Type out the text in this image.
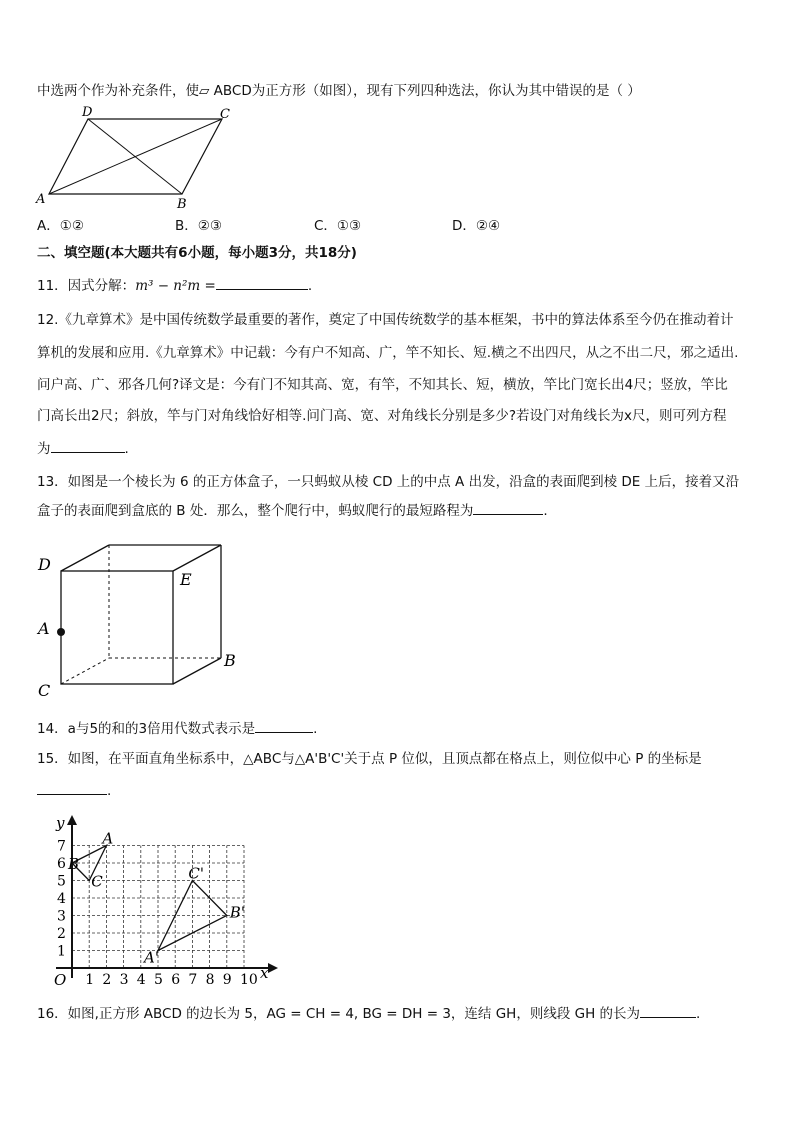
中选两个作为补充条件，使▱ ABCD为正方形（如图），现有下列四种选法，你认为其中错误的是（ ）
D	C
A	B
A．①②	B．②③	C．①③	D．②④
二、填空题(本大题共有6小题，每小题3分，共18分)
11．因式分解：m³ − n²m =	.
12.《九章算术》是中国传统数学最重要的著作，奠定了中国传统数学的基本框架，书中的算法体系至今仍在推动着计
算机的发展和应用.《九章算术》中记载：今有户不知高、广，竿不知长、短.横之不出四尺，从之不出二尺，邪之适出.
问户高、广、邪各几何?译文是：今有门不知其高、宽，有竿，不知其长、短，横放，竿比门宽长出4尺；竖放，竿比
门高长出2尺；斜放，竿与门对角线恰好相等.问门高、宽、对角线长分别是多少?若设门对角线长为x尺，则可列方程
为	.
13．如图是一个棱长为 6 的正方体盒子，一只蚂蚁从棱 CD 上的中点 A 出发，沿盒的表面爬到棱 DE 上后，接着又沿
盒子的表面爬到盒底的 B 处．那么，整个爬行中，蚂蚁爬行的最短路程为	.
D
E
A
B
C
14．a与5的和的3倍用代数式表示是	.
15．如图，在平面直角坐标系中，△ABC与△A'B'C'关于点 P 位似，且顶点都在格点上，则位似中心 P 的坐标是
.
1 2 3 4 5 6 7 8 9 10
1
2
3
4
5
6
7
x
y
O
A
B
C
A'
B'
C'
16．如图,正方形 ABCD 的边长为 5，AG = CH = 4, BG = DH = 3，连结 GH，则线段 GH 的长为	.
